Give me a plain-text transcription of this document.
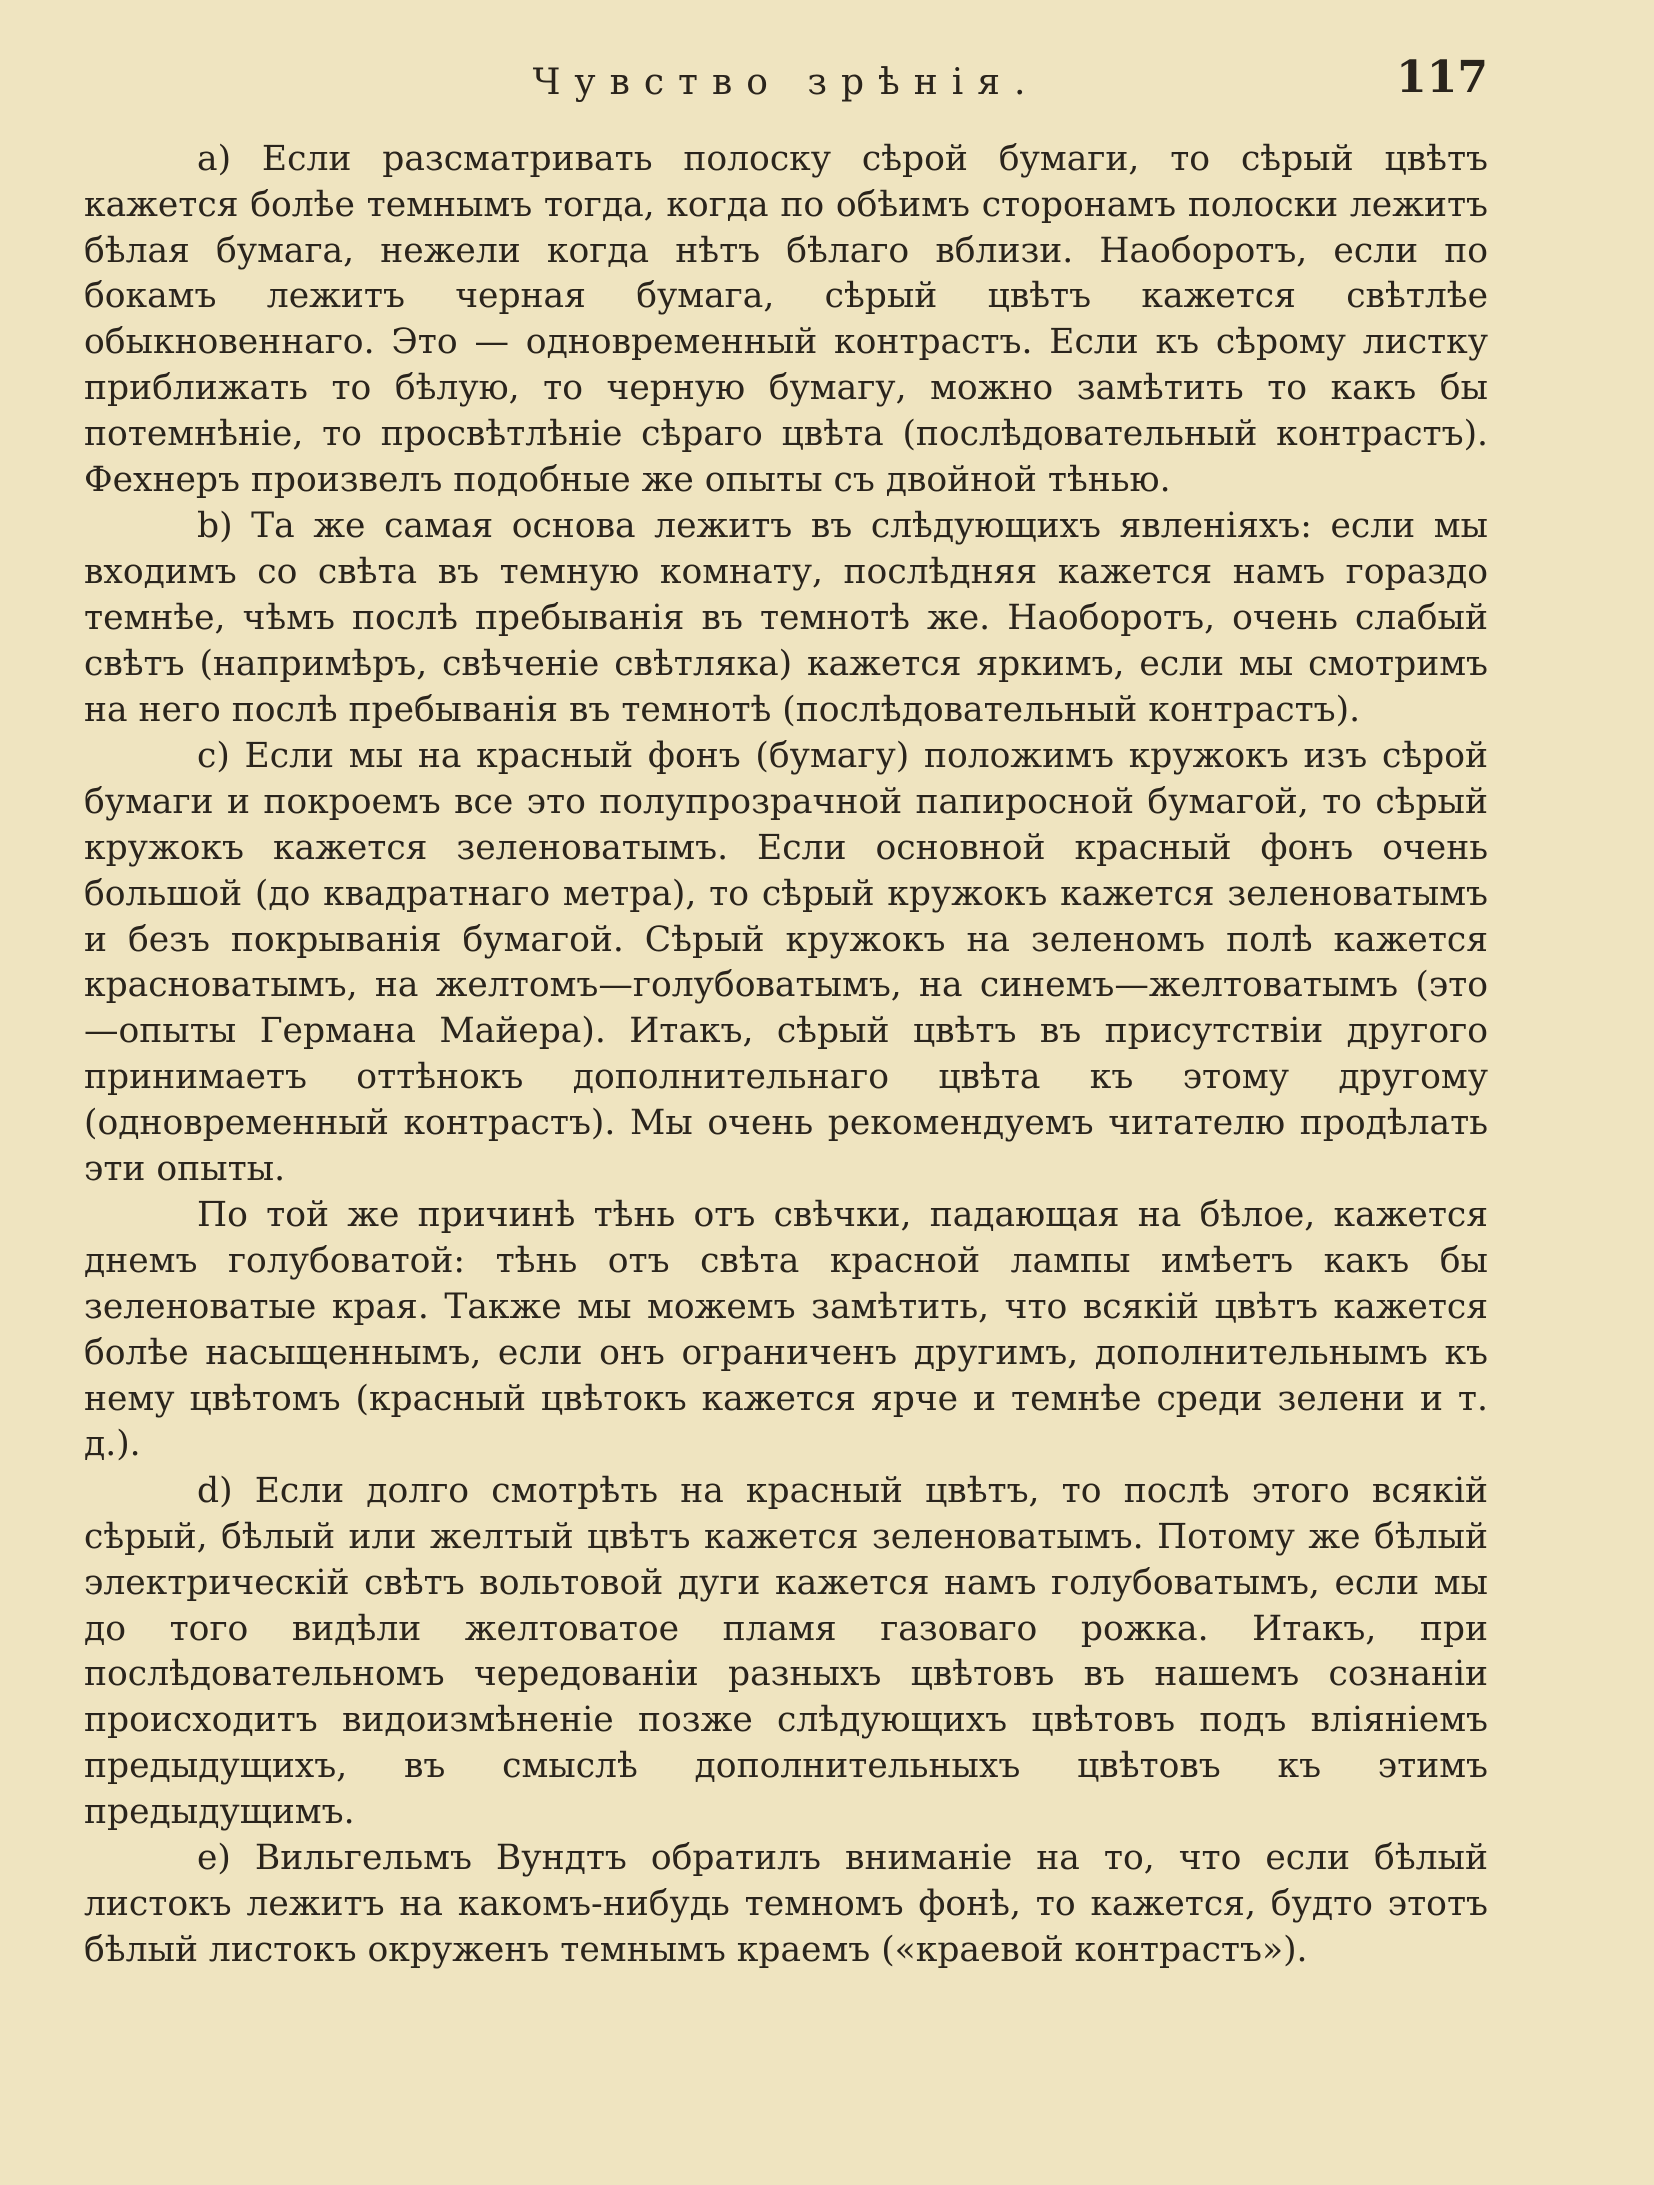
Чувство зрѣнія.	117

a) Если разсматривать полоску сѣрой бумаги, то сѣрый цвѣтъ кажется болѣе темнымъ тогда, когда по обѣимъ сторонамъ полоски лежитъ бѣлая бумага, нежели когда нѣтъ бѣлаго вблизи. Наоборотъ, если по бокамъ лежитъ черная бумага, сѣрый цвѣтъ кажется свѣтлѣе обыкновеннаго. Это — одновременный контрастъ. Если къ сѣрому листку приближать то бѣлую, то черную бумагу, можно замѣтить то какъ бы потемнѣніе, то просвѣтлѣніе сѣраго цвѣта (послѣдовательный контрастъ). Фехнеръ произвелъ подобные же опыты съ двойной тѣнью.

b) Та же самая основа лежитъ въ слѣдующихъ явленіяхъ: если мы входимъ со свѣта въ темную комнату, послѣдняя кажется намъ гораздо темнѣе, чѣмъ послѣ пребыванія въ темнотѣ же. Наоборотъ, очень слабый свѣтъ (напримѣръ, свѣченіе свѣтляка) кажется яркимъ, если мы смотримъ на него послѣ пребыванія въ темнотѣ (послѣдовательный контрастъ).

c) Если мы на красный фонъ (бумагу) положимъ кружокъ изъ сѣрой бумаги и покроемъ все это полупрозрачной папиросной бумагой, то сѣрый кружокъ кажется зеленоватымъ. Если основной красный фонъ очень большой (до квадратнаго метра), то сѣрый кружокъ кажется зеленоватымъ и безъ покрыванія бумагой. Сѣрый кружокъ на зеленомъ полѣ кажется красноватымъ, на желтомъ—голубоватымъ, на синемъ—желтоватымъ (это—опыты Германа Майера). Итакъ, сѣрый цвѣтъ въ присутствіи другого принимаетъ оттѣнокъ дополнительнаго цвѣта къ этому другому (одновременный контрастъ). Мы очень рекомендуемъ читателю продѣлать эти опыты.

По той же причинѣ тѣнь отъ свѣчки, падающая на бѣлое, кажется днемъ голубоватой: тѣнь отъ свѣта красной лампы имѣетъ какъ бы зеленоватые края. Также мы можемъ замѣтить, что всякій цвѣтъ кажется болѣе насыщеннымъ, если онъ ограниченъ другимъ, дополнительнымъ къ нему цвѣтомъ (красный цвѣтокъ кажется ярче и темнѣе среди зелени и т. д.).

d) Если долго смотрѣть на красный цвѣтъ, то послѣ этого всякій сѣрый, бѣлый или желтый цвѣтъ кажется зеленоватымъ. Потому же бѣлый электрическій свѣтъ вольтовой дуги кажется намъ голубоватымъ, если мы до того видѣли желтоватое пламя газоваго рожка. Итакъ, при послѣдовательномъ чередованіи разныхъ цвѣтовъ въ нашемъ сознаніи происходитъ видоизмѣненіе позже слѣдующихъ цвѣтовъ подъ вліяніемъ предыдущихъ, въ смыслѣ дополнительныхъ цвѣтовъ къ этимъ предыдущимъ.

e) Вильгельмъ Вундтъ обратилъ вниманіе на то, что если бѣлый листокъ лежитъ на какомъ-нибудь темномъ фонѣ, то кажется, будто этотъ бѣлый листокъ окруженъ темнымъ краемъ («краевой контрастъ»).
